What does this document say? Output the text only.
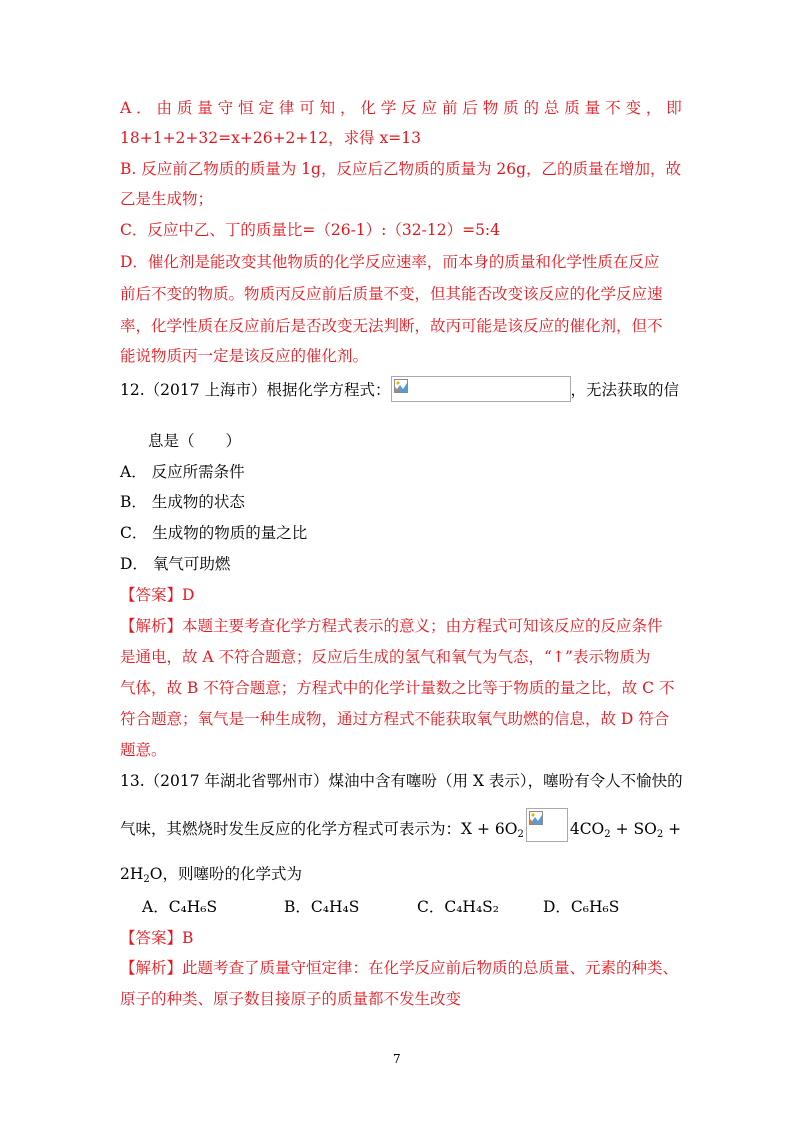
A ． 由 质 量 守 恒 定 律 可 知 ， 化 学 反 应 前 后 物 质 的 总 质 量 不 变 ， 即
18+1+2+32=x+26+2+12，求得 x=13
B. 反应前乙物质的质量为 1g，反应后乙物质的质量为 26g，乙的质量在增加，故
乙是生成物；
C．反应中乙、丁的质量比=（26-1）:（32-12）=5:4
D．催化剂是能改变其他物质的化学反应速率，而本身的质量和化学性质在反应
前后不变的物质。物质丙反应前后质量不变，但其能否改变该反应的化学反应速
率，化学性质在反应前后是否改变无法判断，故丙可能是该反应的催化剂，但不
能说物质丙一定是该反应的催化剂。
12.（2017 上海市）根据化学方程式：	，无法获取的信
息是（　　）
A． 反应所需条件
B． 生成物的状态
C． 生成物的物质的量之比
D． 氧气可助燃
【答案】D
【解析】本题主要考查化学方程式表示的意义；由方程式可知该反应的反应条件
是通电，故 A 不符合题意；反应后生成的氢气和氧气为气态，“↑”表示物质为
气体，故 B 不符合题意；方程式中的化学计量数之比等于物质的量之比，故 C 不
符合题意；氧气是一种生成物，通过方程式不能获取氧气助燃的信息，故 D 符合
题意。
13.（2017 年湖北省鄂州市）煤油中含有噻吩（用 X 表示），噻吩有令人不愉快的
气味，其燃烧时发生反应的化学方程式可表示为：$X + 6O_2$	$4CO_2 + SO_2$ +
$2H_2O$，则噻吩的化学式为
A．C₄H₆S	B．C₄H₄S	C．C₄H₄S₂	D．C₆H₆S
【答案】B
【解析】此题考查了质量守恒定律：在化学反应前后物质的总质量、元素的种类、
原子的种类、原子数目接原子的质量都不发生改变
7
